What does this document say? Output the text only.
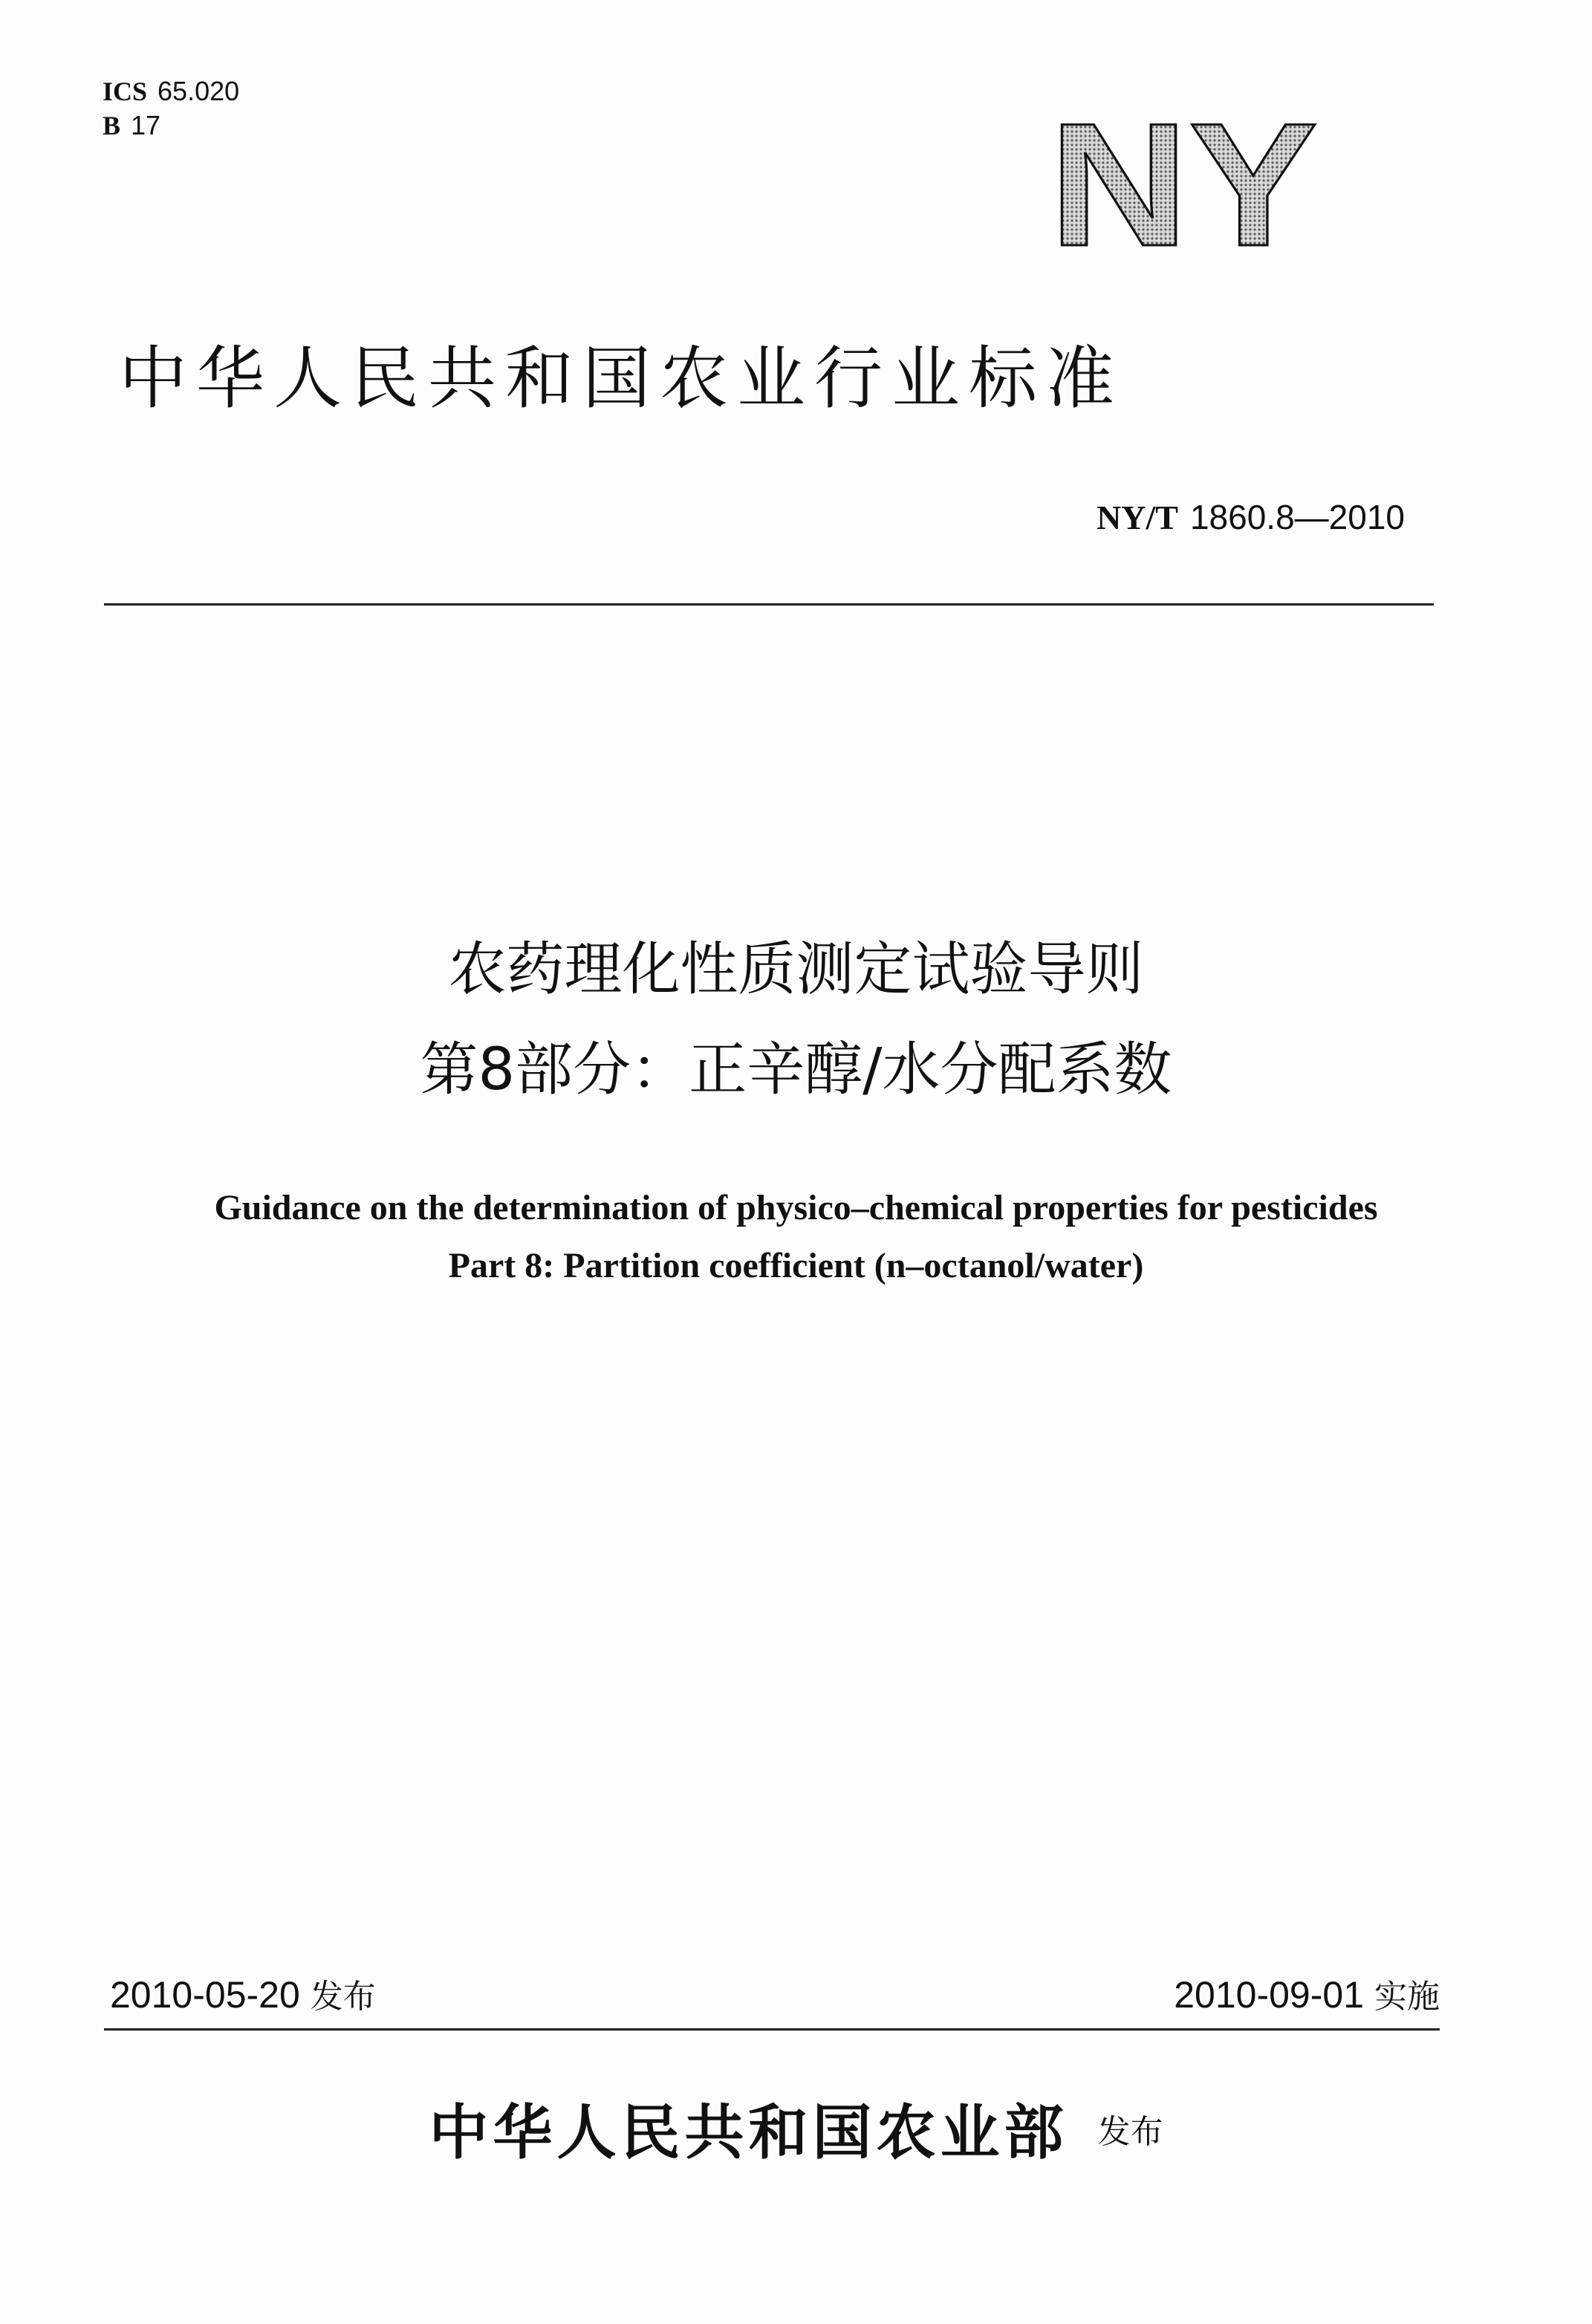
ICS 65.020
B 17	NY
中华人民共和国农业行业标准
NY/T 1860.8—2010
农药理化性质测定试验导则
第8部分：正辛醇/水分配系数
Guidance on the determination of physico–chemical properties for pesticides
Part 8: Partition coefficient (n–octanol/water)
2010-05-20 发布	2010-09-01 实施
中华人民共和国农业部 发布
